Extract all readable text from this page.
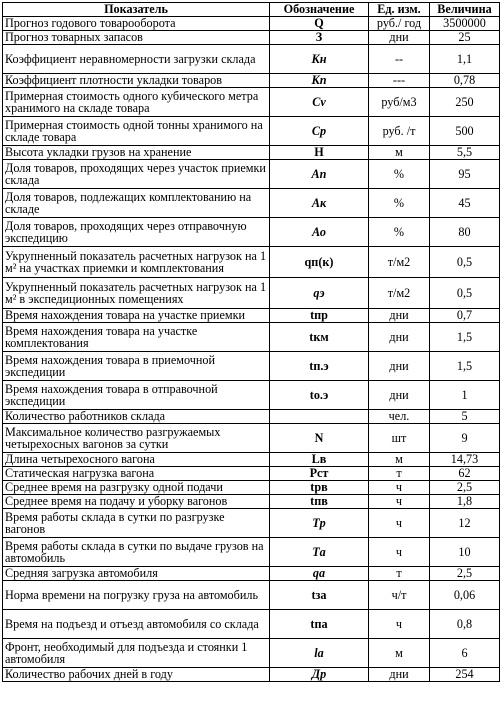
Показатель	Обозначение	Ед. изм.	Величина
Прогноз годового товарооборота	Q	руб./ год	3500000
Прогноз товарных запасов	З	дни	25
Коэффициент неравномерности загрузки склада	Кн	--	1,1
Коэффициент плотности укладки товаров	Кп	---	0,78
Примерная стоимость одного кубического метра хранимого на складе товара	Сv	руб/м3	250
Примерная стоимость одной тонны хранимого на складе товара	Ср	руб. /т	500
Высота укладки грузов на хранение	H	м	5,5
Доля товаров, проходящих через участок приемки склада	Ап	%	95
Доля товаров, подлежащих комплектованию на складе	Ак	%	45
Доля товаров, проходящих через отправочную экспедицию	Ао	%	80
Укрупненный показатель расчетных нагрузок на 1 м² на участках приемки и комплектования	qп(к)	т/м2	0,5
Укрупненный показатель расчетных нагрузок на 1 м² в экспедиционных помещениях	qэ	т/м2	0,5
Время нахождения товара на участке приемки	tпр	дни	0,7
Время нахождения товара на участке комплектования	tкм	дни	1,5
Время нахождения товара в приемочной экспедиции	tп.э	дни	1,5
Время нахождения товара в отправочной экспедиции	tо.э	дни	1
Количество работников склада		чел.	5
Максимальное количество разгружаемых четырехосных вагонов за сутки	N	шт	9
Длина четырехосного вагона	Lв	м	14,73
Статическая нагрузка вагона	Pст	т	62
Среднее время на разгрузку одной подачи	tрв	ч	2,5
Среднее время на подачу и уборку вагонов	tпв	ч	1,8
Время работы склада в сутки по разгрузке вагонов	Tр	ч	12
Время работы склада в сутки по выдаче грузов на автомобиль	Tа	ч	10
Средняя загрузка автомобиля	qа	т	2,5
Норма времени на погрузку груза на автомобиль	tза	ч/т	0,06
Время на подъезд и отъезд автомобиля со склада	tпа	ч	0,8
Фронт, необходимый для подъезда и стоянки 1 автомобиля	lа	м	6
Количество рабочих дней в году	Др	дни	254
